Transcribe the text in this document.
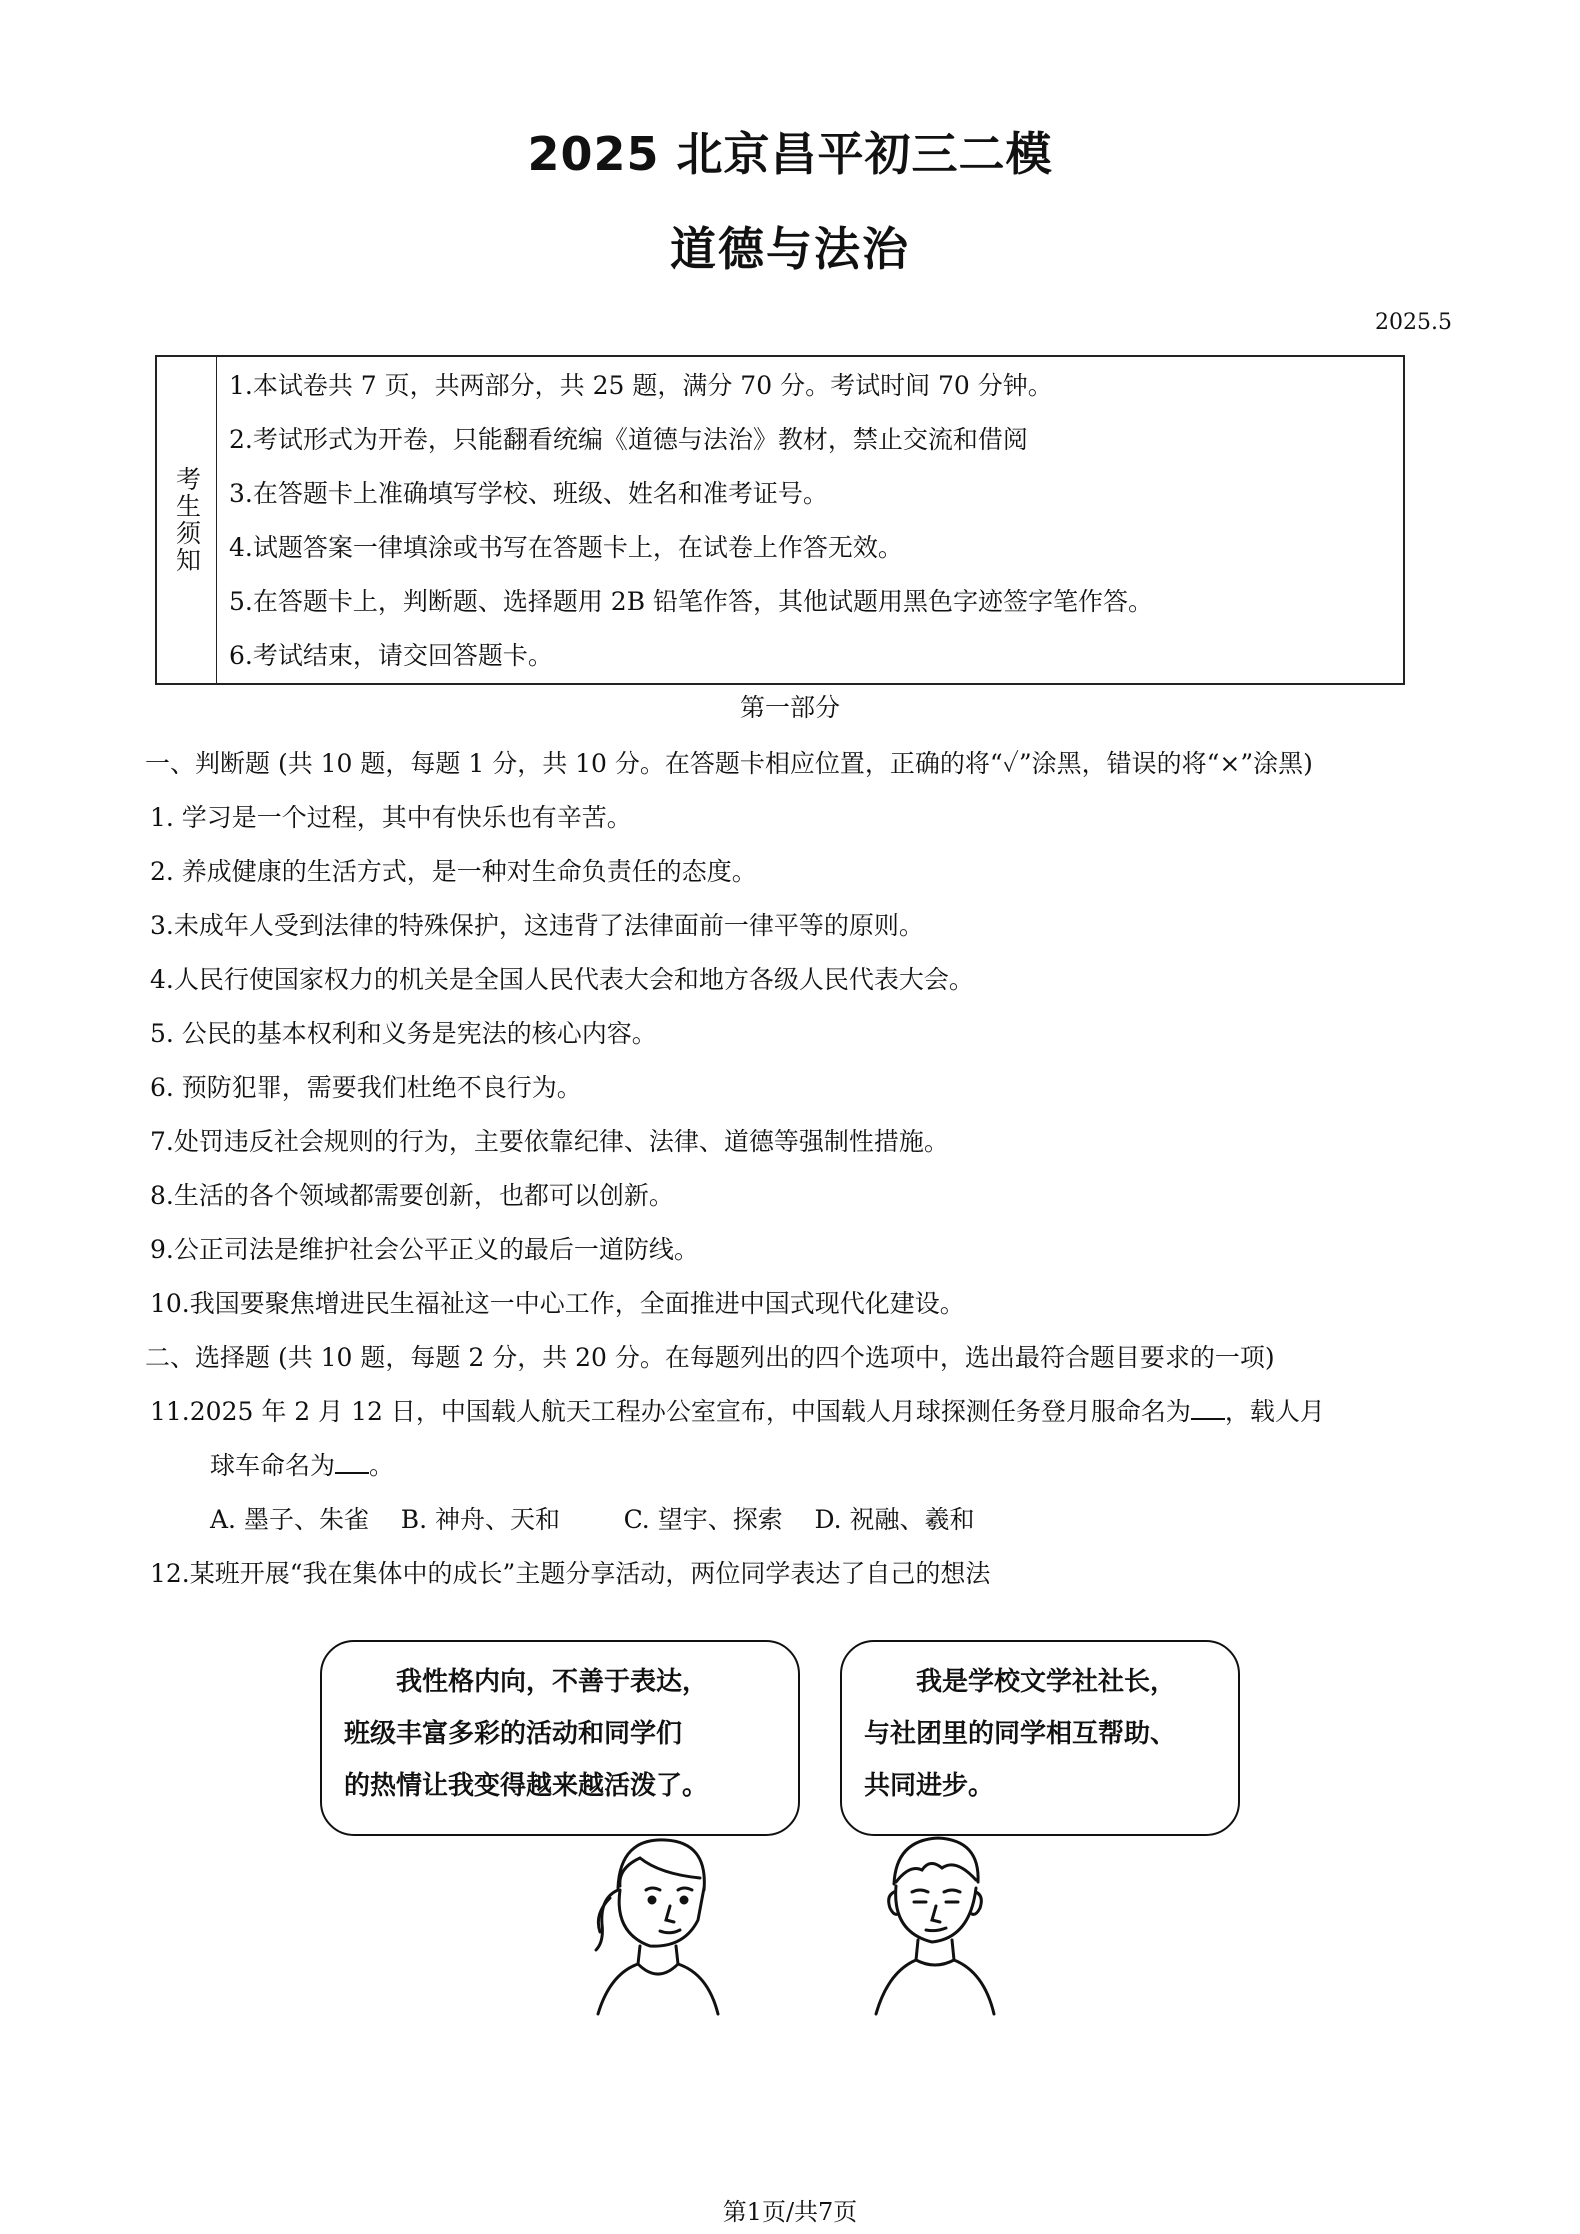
2025 北京昌平初三二模
道德与法治
2025.5
考生须知
1.本试卷共 7 页，共两部分，共 25 题，满分 70 分。考试时间 70 分钟。
2.考试形式为开卷，只能翻看统编《道德与法治》教材，禁止交流和借阅
3.在答题卡上准确填写学校、班级、姓名和准考证号。
4.试题答案一律填涂或书写在答题卡上，在试卷上作答无效。
5.在答题卡上，判断题、选择题用 2B 铅笔作答，其他试题用黑色字迹签字笔作答。
6.考试结束，请交回答题卡。
第一部分
一、判断题 (共 10 题，每题 1 分，共 10 分。在答题卡相应位置，正确的将“✓”涂黑，错误的将“×”涂黑)
1. 学习是一个过程，其中有快乐也有辛苦。
2. 养成健康的生活方式，是一种对生命负责任的态度。
3.未成年人受到法律的特殊保护，这违背了法律面前一律平等的原则。
4.人民行使国家权力的机关是全国人民代表大会和地方各级人民代表大会。
5. 公民的基本权利和义务是宪法的核心内容。
6. 预防犯罪，需要我们杜绝不良行为。
7.处罚违反社会规则的行为，主要依靠纪律、法律、道德等强制性措施。
8.生活的各个领域都需要创新，也都可以创新。
9.公正司法是维护社会公平正义的最后一道防线。
10.我国要聚焦增进民生福祉这一中心工作，全面推进中国式现代化建设。
二、选择题 (共 10 题，每题 2 分，共 20 分。在每题列出的四个选项中，选出最符合题目要求的一项)
11.2025 年 2 月 12 日，中国载人航天工程办公室宣布，中国载人月球探测任务登月服命名为 ，载人月
球车命名为 。
A. 墨子、朱雀    B. 神舟、天和        C. 望宇、探索    D. 祝融、羲和
12.某班开展“我在集体中的成长”主题分享活动，两位同学表达了自己的想法
我性格内向，不善于表达，
班级丰富多彩的活动和同学们
的热情让我变得越来越活泼了。
我是学校文学社社长，
与社团里的同学相互帮助、
共同进步。
第1页/共7页
